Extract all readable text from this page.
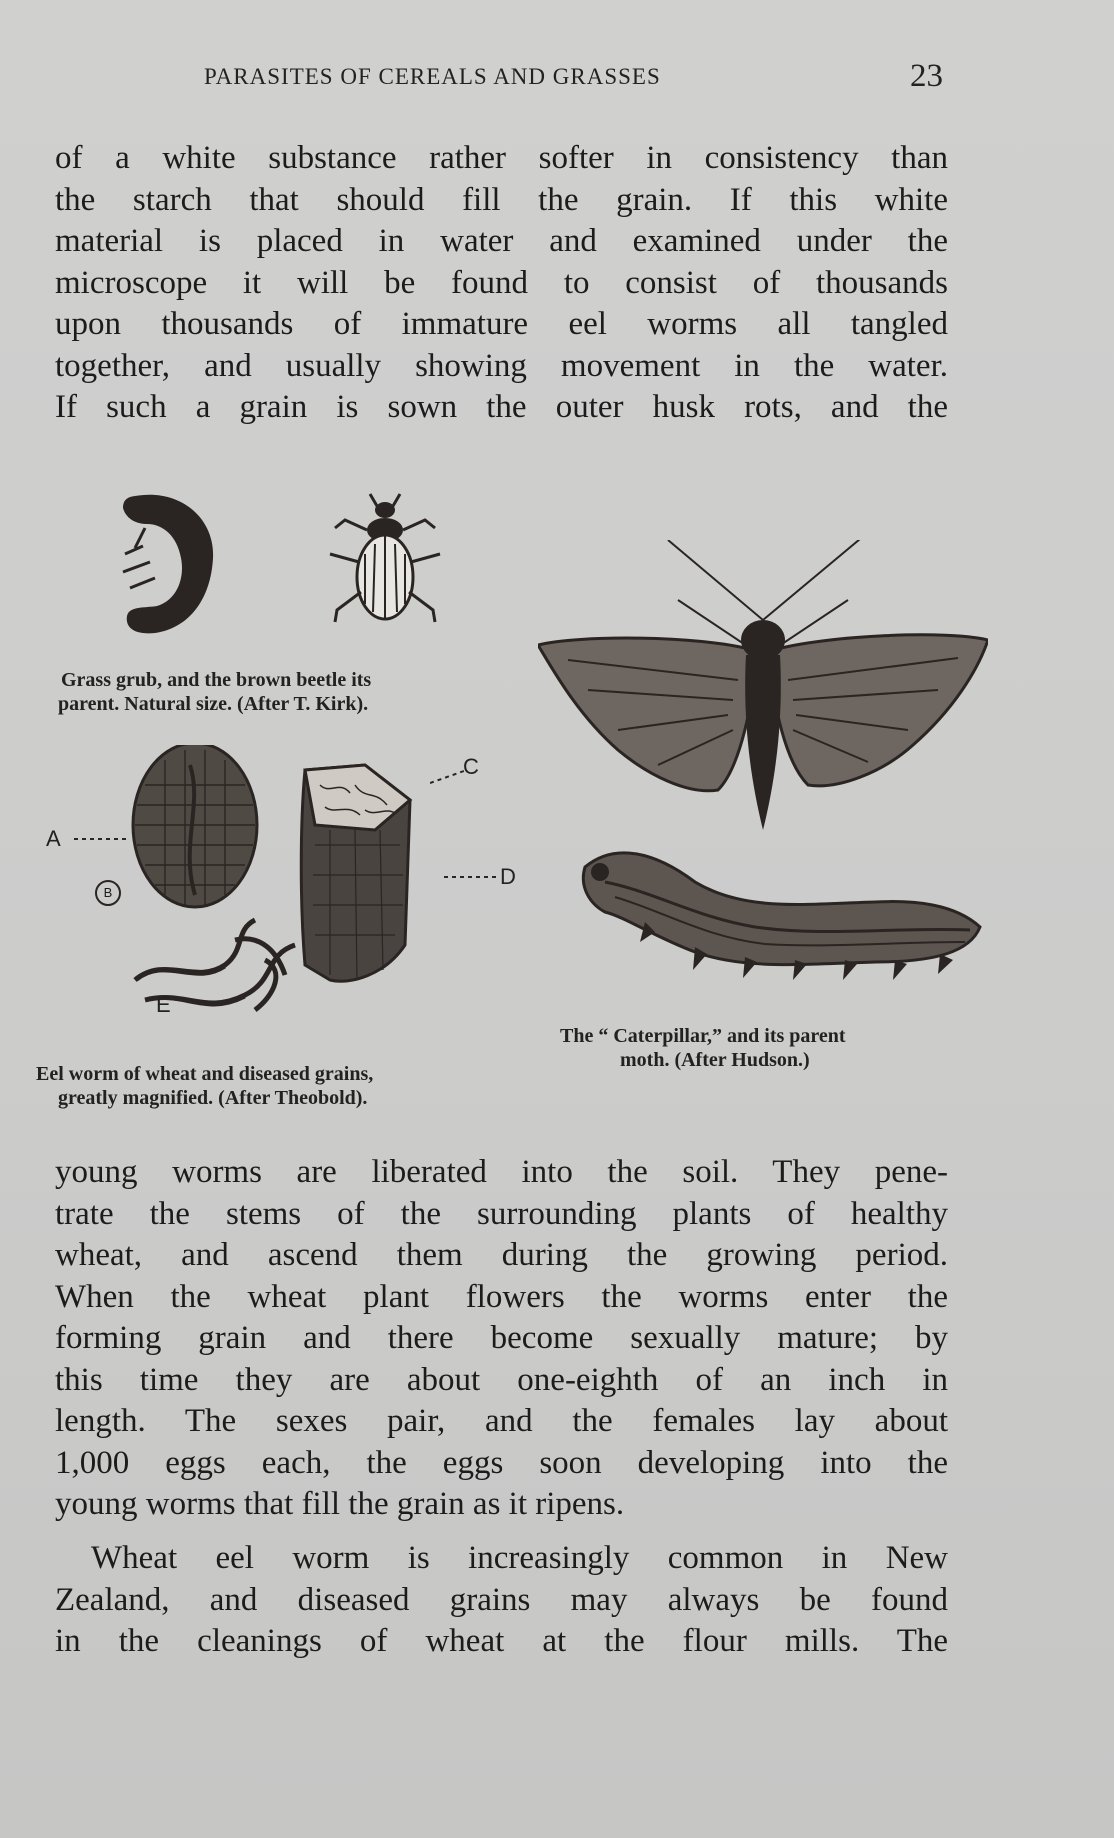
PARASITES OF CEREALS AND GRASSES	23
of a white substance rather softer in consistency than
the starch that should fill the grain. If this white
material is placed in water and examined under the
microscope it will be found to consist of thousands
upon thousands of immature eel worms all tangled
together, and usually showing movement in the water.
If such a grain is sown the outer husk rots, and the
Grass grub, and the brown beetle its
parent. Natural size. (After T. Kirk).
The “ Caterpillar,” and its parent
moth. (After Hudson.)
A
B
C
D
E
Eel worm of wheat and diseased grains,
greatly magnified. (After Theobold).
young worms are liberated into the soil. They pene-
trate the stems of the surrounding plants of healthy
wheat, and ascend them during the growing period.
When the wheat plant flowers the worms enter the
forming grain and there become sexually mature; by
this time they are about one-eighth of an inch in
length. The sexes pair, and the females lay about
1,000 eggs each, the eggs soon developing into the
young worms that fill the grain as it ripens.
Wheat eel worm is increasingly common in New
Zealand, and diseased grains may always be found
in the cleanings of wheat at the flour mills. The
